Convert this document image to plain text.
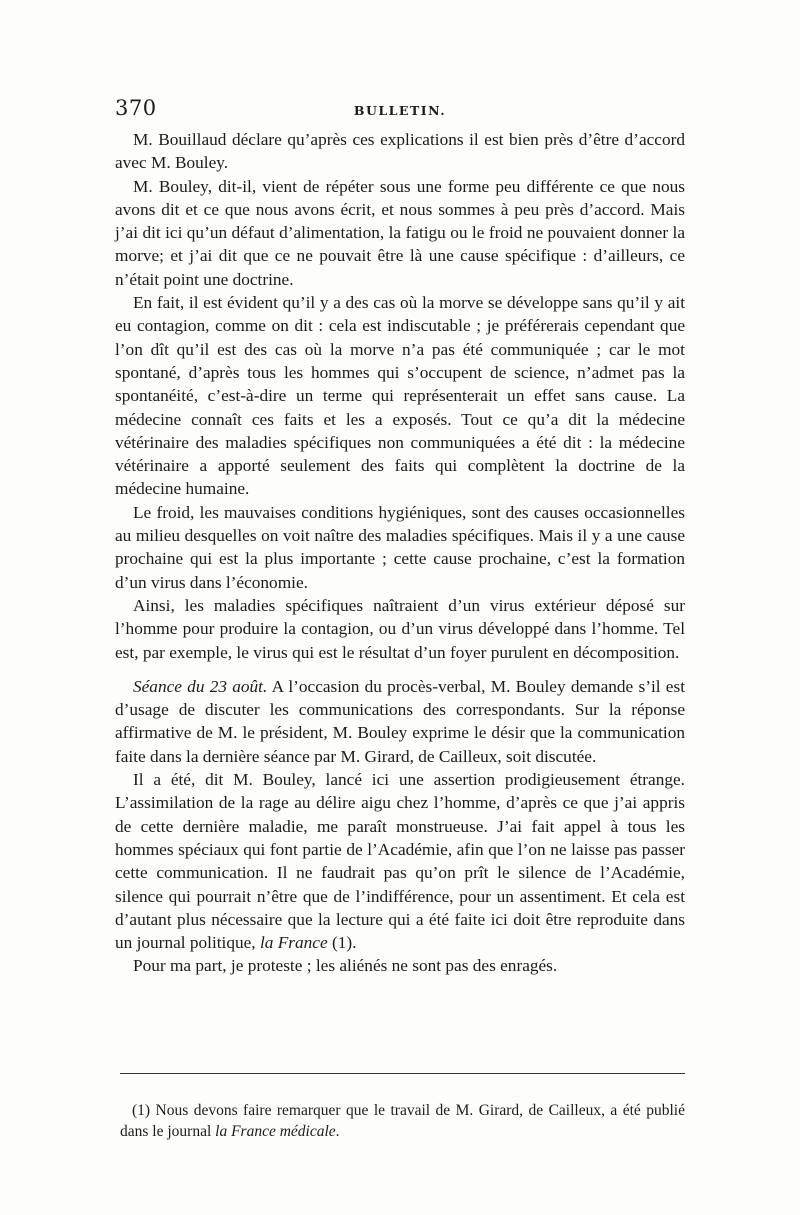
370	BULLETIN.

M. Bouillaud déclare qu’après ces explications il est bien près d’être d’accord avec M. Bouley.

M. Bouley, dit-il, vient de répéter sous une forme peu différente ce que nous avons dit et ce que nous avons écrit, et nous sommes à peu près d’accord. Mais j’ai dit ici qu’un défaut d’alimentation, la fatigu ou le froid ne pouvaient donner la morve; et j’ai dit que ce ne pouvait être là une cause spécifique : d’ailleurs, ce n’était point une doctrine.

En fait, il est évident qu’il y a des cas où la morve se développe sans qu’il y ait eu contagion, comme on dit : cela est indiscutable ; je préférerais cependant que l’on dît qu’il est des cas où la morve n’a pas été communiquée ; car le mot spontané, d’après tous les hommes qui s’occupent de science, n’admet pas la spontanéité, c’est-à-dire un terme qui représenterait un effet sans cause. La médecine connaît ces faits et les a exposés. Tout ce qu’a dit la médecine vétérinaire des maladies spécifiques non communiquées a été dit : la médecine vétérinaire a apporté seulement des faits qui complètent la doctrine de la médecine humaine.

Le froid, les mauvaises conditions hygiéniques, sont des causes occasionnelles au milieu desquelles on voit naître des maladies spécifiques. Mais il y a une cause prochaine qui est la plus importante ; cette cause prochaine, c’est la formation d’un virus dans l’économie.

Ainsi, les maladies spécifiques naîtraient d’un virus extérieur déposé sur l’homme pour produire la contagion, ou d’un virus développé dans l’homme. Tel est, par exemple, le virus qui est le résultat d’un foyer purulent en décomposition.

Séance du 23 août. A l’occasion du procès-verbal, M. Bouley demande s’il est d’usage de discuter les communications des correspondants. Sur la réponse affirmative de M. le président, M. Bouley exprime le désir que la communication faite dans la dernière séance par M. Girard, de Cailleux, soit discutée.

Il a été, dit M. Bouley, lancé ici une assertion prodigieusement étrange. L’assimilation de la rage au délire aigu chez l’homme, d’après ce que j’ai appris de cette dernière maladie, me paraît monstrueuse. J’ai fait appel à tous les hommes spéciaux qui font partie de l’Académie, afin que l’on ne laisse pas passer cette communication. Il ne faudrait pas qu’on prît le silence de l’Académie, silence qui pourrait n’être que de l’indifférence, pour un assentiment. Et cela est d’autant plus nécessaire que la lecture qui a été faite ici doit être reproduite dans un journal politique, la France (1).

Pour ma part, je proteste ; les aliénés ne sont pas des enragés.

(1) Nous devons faire remarquer que le travail de M. Girard, de Cailleux, a été publié dans le journal la France médicale.
